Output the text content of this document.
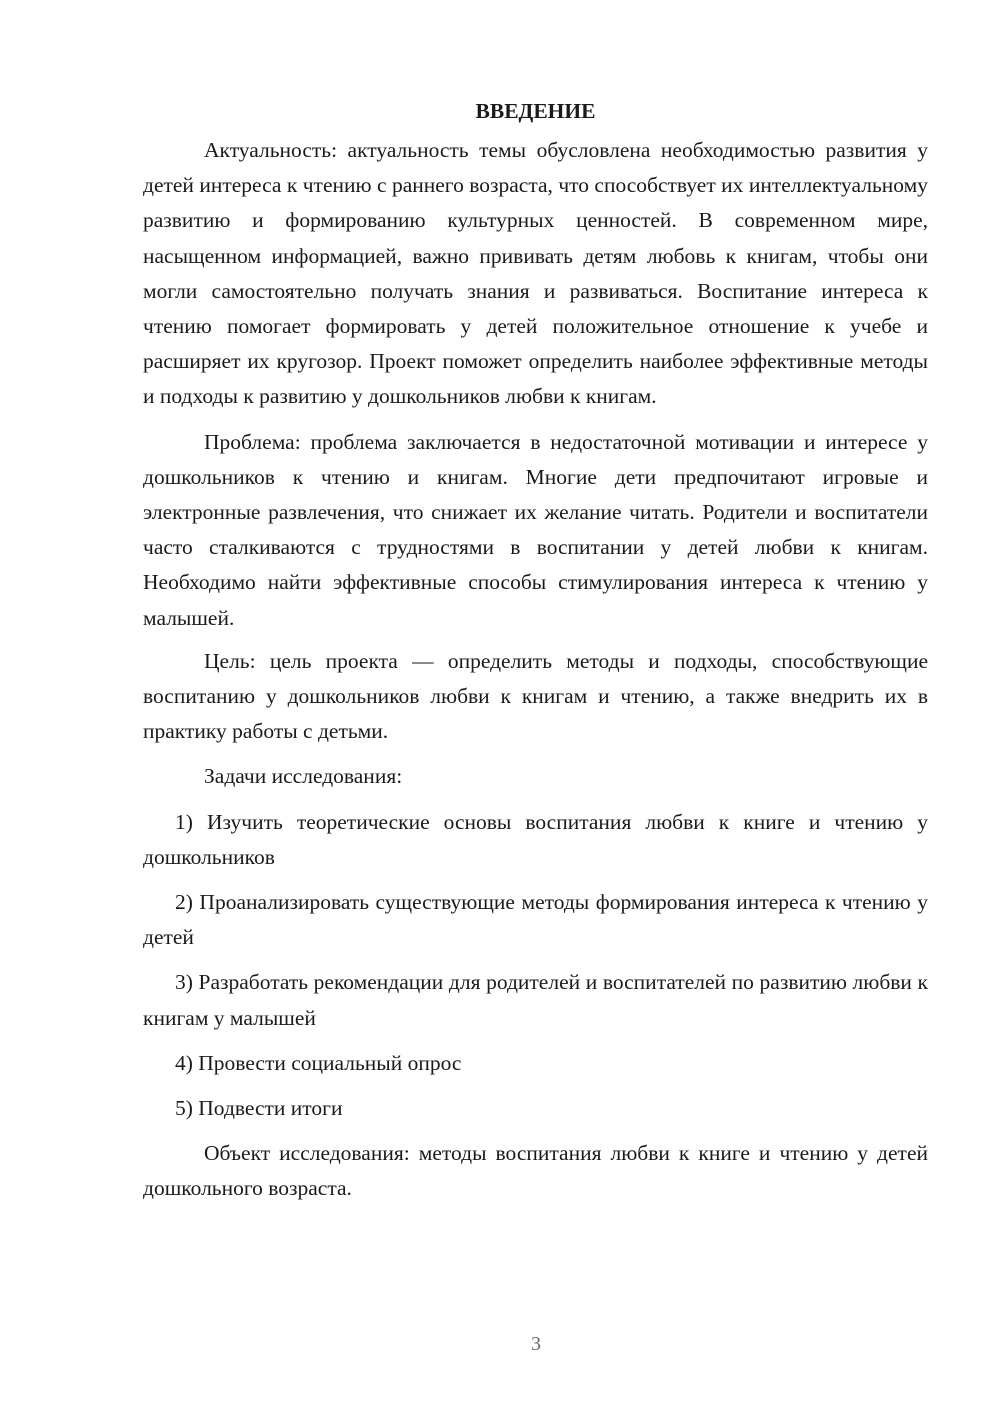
ВВЕДЕНИЕ

Актуальность: актуальность темы обусловлена необходимостью развития у детей интереса к чтению с раннего возраста, что способствует их интеллектуальному развитию и формированию культурных ценностей. В современном мире, насыщенном информацией, важно прививать детям любовь к книгам, чтобы они могли самостоятельно получать знания и развиваться. Воспитание интереса к чтению помогает формировать у детей положительное отношение к учебе и расширяет их кругозор. Проект поможет определить наиболее эффективные методы и подходы к развитию у дошкольников любви к книгам.

Проблема: проблема заключается в недостаточной мотивации и интересе у дошкольников к чтению и книгам. Многие дети предпочитают игровые и электронные развлечения, что снижает их желание читать. Родители и воспитатели часто сталкиваются с трудностями в воспитании у детей любви к книгам. Необходимо найти эффективные способы стимулирования интереса к чтению у малышей.

Цель: цель проекта — определить методы и подходы, способствующие воспитанию у дошкольников любви к книгам и чтению, а также внедрить их в практику работы с детьми.

Задачи исследования:

1) Изучить теоретические основы воспитания любви к книге и чтению у дошкольников

2) Проанализировать существующие методы формирования интереса к чтению у детей

3) Разработать рекомендации для родителей и воспитателей по развитию любви к книгам у малышей

4) Провести социальный опрос

5) Подвести итоги

Объект исследования: методы воспитания любви к книге и чтению у детей дошкольного возраста.

3
